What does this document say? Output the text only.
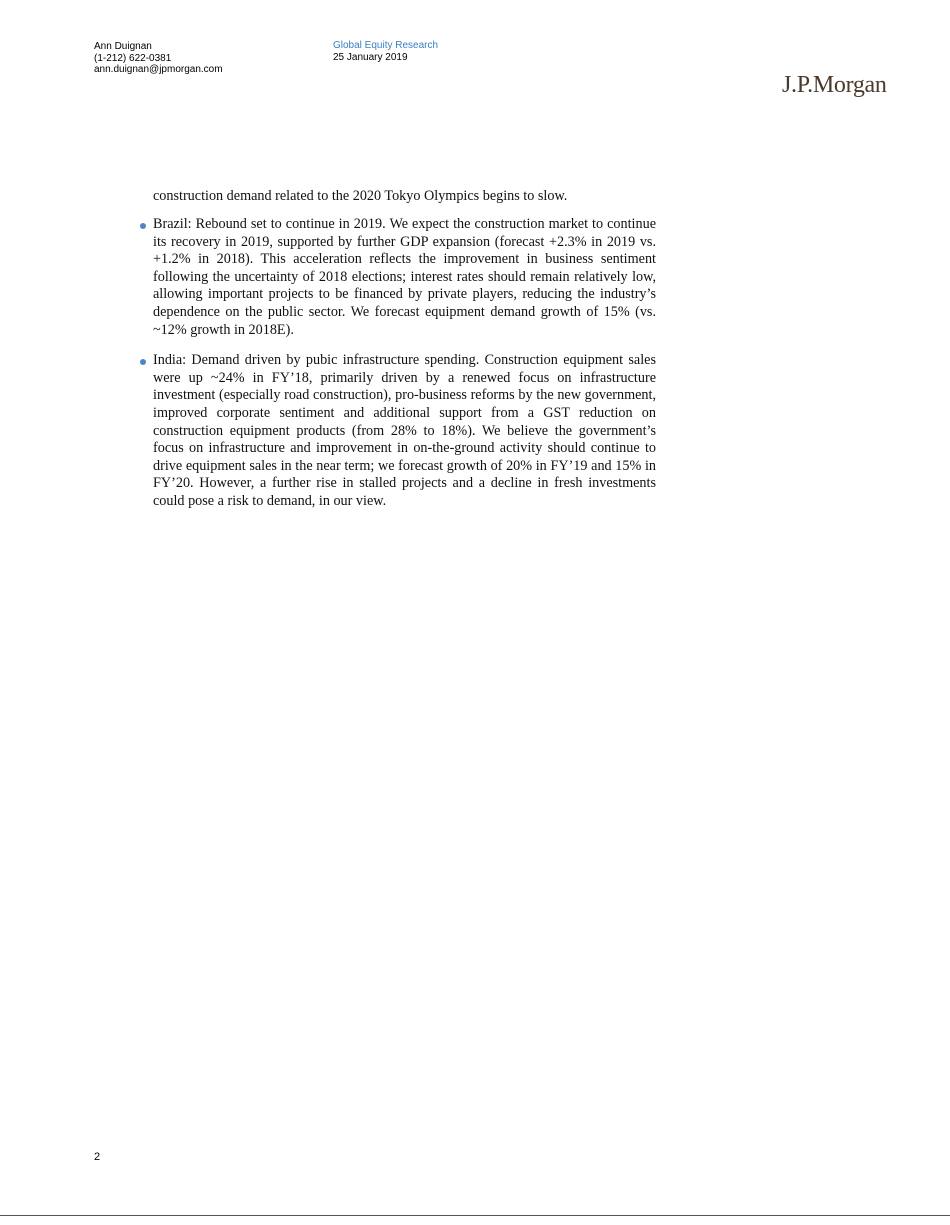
Ann Duignan
(1-212) 622-0381
ann.duignan@jpmorgan.com
Global Equity Research
25 January 2019
J.P.Morgan
construction demand related to the 2020 Tokyo Olympics begins to slow.
Brazil: Rebound set to continue in 2019. We expect the construction market to continue its recovery in 2019, supported by further GDP expansion (forecast +2.3% in 2019 vs. +1.2% in 2018). This acceleration reflects the improvement in business sentiment following the uncertainty of 2018 elections; interest rates should remain relatively low, allowing important projects to be financed by private players, reducing the industry’s dependence on the public sector. We forecast equipment demand growth of 15% (vs. ~12% growth in 2018E).
India: Demand driven by pubic infrastructure spending. Construction equipment sales were up ~24% in FY’18, primarily driven by a renewed focus on infrastructure investment (especially road construction), pro-business reforms by the new government, improved corporate sentiment and additional support from a GST reduction on construction equipment products (from 28% to 18%). We believe the government’s focus on infrastructure and improvement in on-the-ground activity should continue to drive equipment sales in the near term; we forecast growth of 20% in FY’19 and 15% in FY’20. However, a further rise in stalled projects and a decline in fresh investments could pose a risk to demand, in our view.
2
